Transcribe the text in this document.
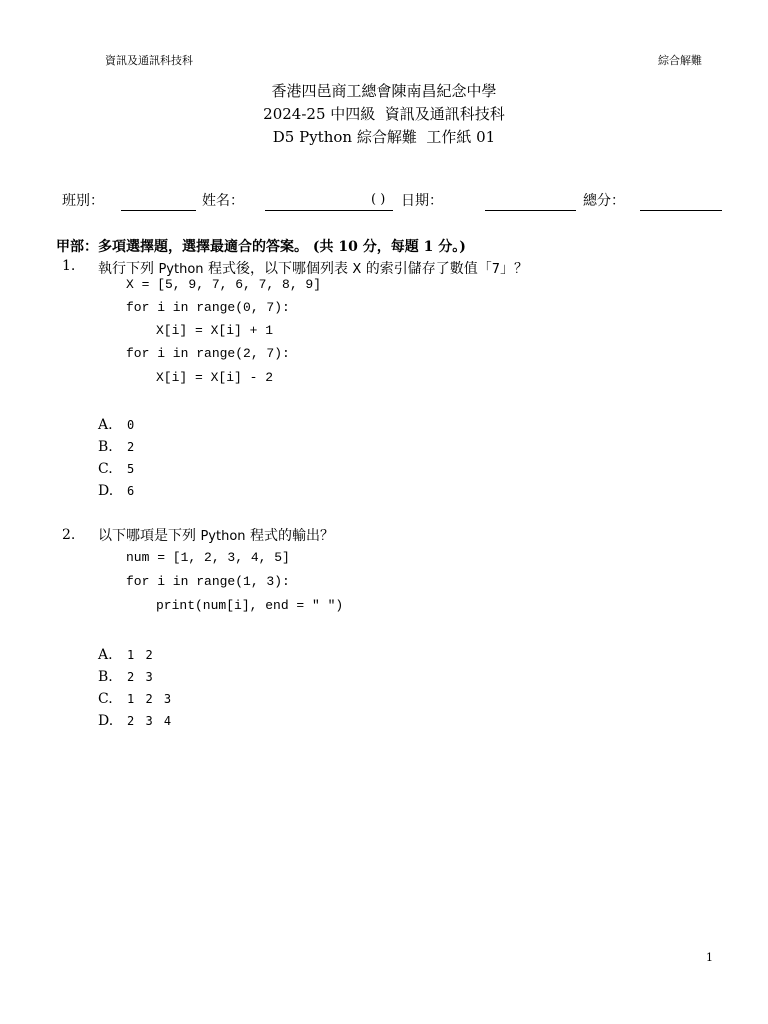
資訊及通訊科技科	綜合解難
香港四邑商工總會陳南昌紀念中學
2024-25 中四級  資訊及通訊科技科
D5 Python 綜合解難  工作紙 01
班別：	姓名：	( ) 日期：	總分：
甲部：多項選擇題，選擇最適合的答案。 (共 10 分，每題 1 分。)
1. 執行下列 Python 程式後，以下哪個列表 X 的索引儲存了數值「7」？
X = [5, 9, 7, 6, 7, 8, 9]
for i in range(0, 7):
X[i] = X[i] + 1
for i in range(2, 7):
X[i] = X[i] - 2
A. 0
B. 2
C. 5
D. 6
2. 以下哪項是下列 Python 程式的輸出？
num = [1, 2, 3, 4, 5]
for i in range(1, 3):
print(num[i], end = " ")
A. 1 2
B. 2 3
C. 1 2 3
D. 2 3 4
1
